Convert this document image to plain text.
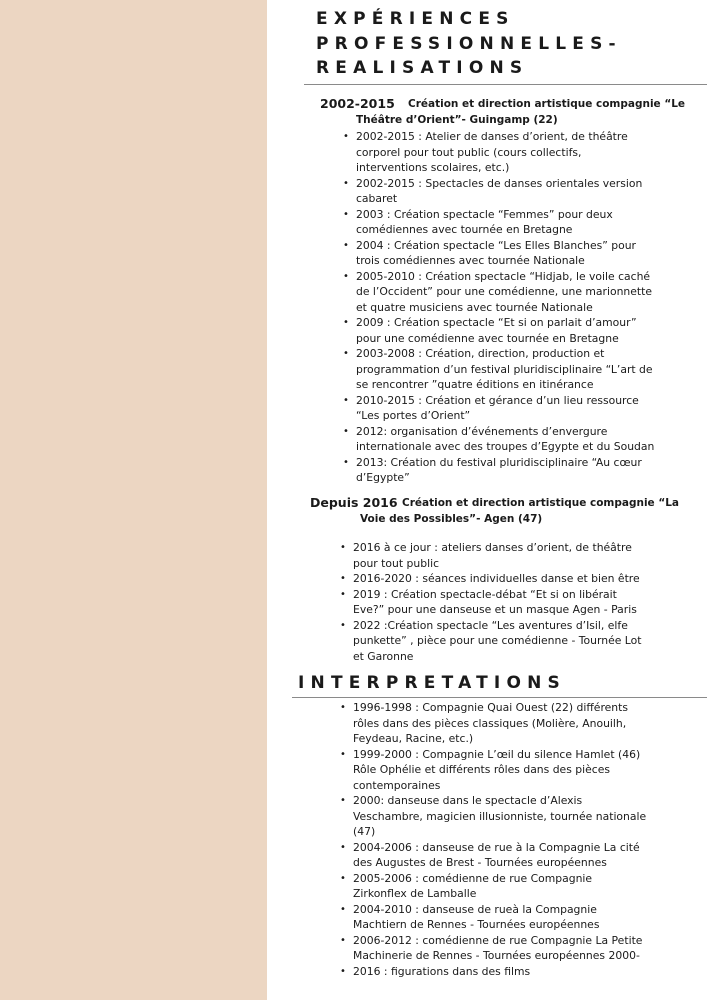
EXPÉRIENCES
PROFESSIONNELLES-
REALISATIONS
2002-2015 Création et direction artistique compagnie “Le
Théâtre d’Orient”- Guingamp (22)
• 2002-2015 : Atelier de danses d’orient, de théâtre
corporel pour tout public (cours collectifs,
interventions scolaires, etc.)
• 2002-2015 : Spectacles de danses orientales version
cabaret
• 2003 : Création spectacle “Femmes” pour deux
comédiennes avec tournée en Bretagne
• 2004 : Création spectacle “Les Elles Blanches” pour
trois comédiennes avec tournée Nationale
• 2005-2010 : Création spectacle “Hidjab, le voile caché
de l’Occident” pour une comédienne, une marionnette
et quatre musiciens avec tournée Nationale
• 2009 : Création spectacle “Et si on parlait d’amour”
pour une comédienne avec tournée en Bretagne
• 2003-2008 : Création, direction, production et
programmation d’un festival pluridisciplinaire “L’art de
se rencontrer ”quatre éditions en itinérance
• 2010-2015 : Création et gérance d’un lieu ressource
“Les portes d’Orient”
• 2012: organisation d’événements d’envergure
internationale avec des troupes d’Egypte et du Soudan
• 2013: Création du festival pluridisciplinaire “Au cœur
d’Egypte”
Depuis 2016 Création et direction artistique compagnie “La
Voie des Possibles”- Agen (47)
• 2016 à ce jour : ateliers danses d’orient, de théâtre
pour tout public
• 2016-2020 : séances individuelles danse et bien être
• 2019 : Création spectacle-débat “Et si on libérait
Eve?” pour une danseuse et un masque Agen - Paris
• 2022 :Création spectacle “Les aventures d’Isil, elfe
punkette” , pièce pour une comédienne - Tournée Lot
et Garonne
INTERPRETATIONS
• 1996-1998 : Compagnie Quai Ouest (22) différents
rôles dans des pièces classiques (Molière, Anouilh,
Feydeau, Racine, etc.)
• 1999-2000 : Compagnie L’œil du silence Hamlet (46)
Rôle Ophélie et différents rôles dans des pièces
contemporaines
• 2000: danseuse dans le spectacle d’Alexis
Veschambre, magicien illusionniste, tournée nationale
(47)
• 2004-2006 : danseuse de rue à la Compagnie La cité
des Augustes de Brest - Tournées européennes
• 2005-2006 : comédienne de rue Compagnie
Zirkonflex de Lamballe
• 2004-2010 : danseuse de rueà la Compagnie
Machtiern de Rennes - Tournées européennes
• 2006-2012 : comédienne de rue Compagnie La Petite
Machinerie de Rennes - Tournées européennes 2000-
• 2016 : figurations dans des films
